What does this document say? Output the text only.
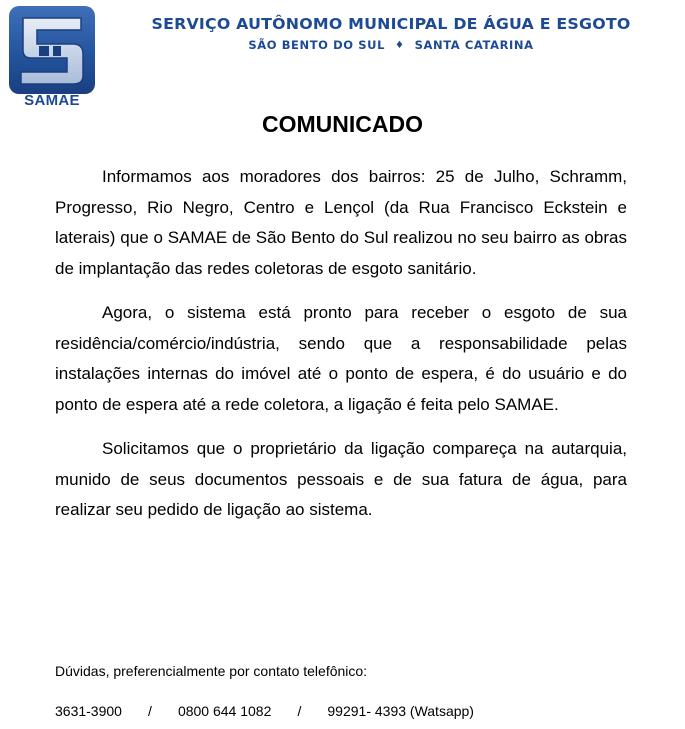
SAMAE
SERVIÇO AUTÔNOMO MUNICIPAL DE ÁGUA E ESGOTO
SÃO BENTO DO SUL ♦ SANTA CATARINA
COMUNICADO

Informamos aos moradores dos bairros: 25 de Julho, Schramm, Progresso, Rio Negro, Centro e Lençol (da Rua Francisco Eckstein e laterais) que o SAMAE de São Bento do Sul realizou no seu bairro as obras de implantação das redes coletoras de esgoto sanitário.

Agora, o sistema está pronto para receber o esgoto de sua residência/comércio/indústria, sendo que a responsabilidade pelas instalações internas do imóvel até o ponto de espera, é do usuário e do ponto de espera até a rede coletora, a ligação é feita pelo SAMAE.

Solicitamos que o proprietário da ligação compareça na autarquia, munido de seus documentos pessoais e de sua fatura de água, para realizar seu pedido de ligação ao sistema.

Dúvidas, preferencialmente por contato telefônico:
3631-3900 / 0800 644 1082 / 99291- 4393 (Watsapp)
